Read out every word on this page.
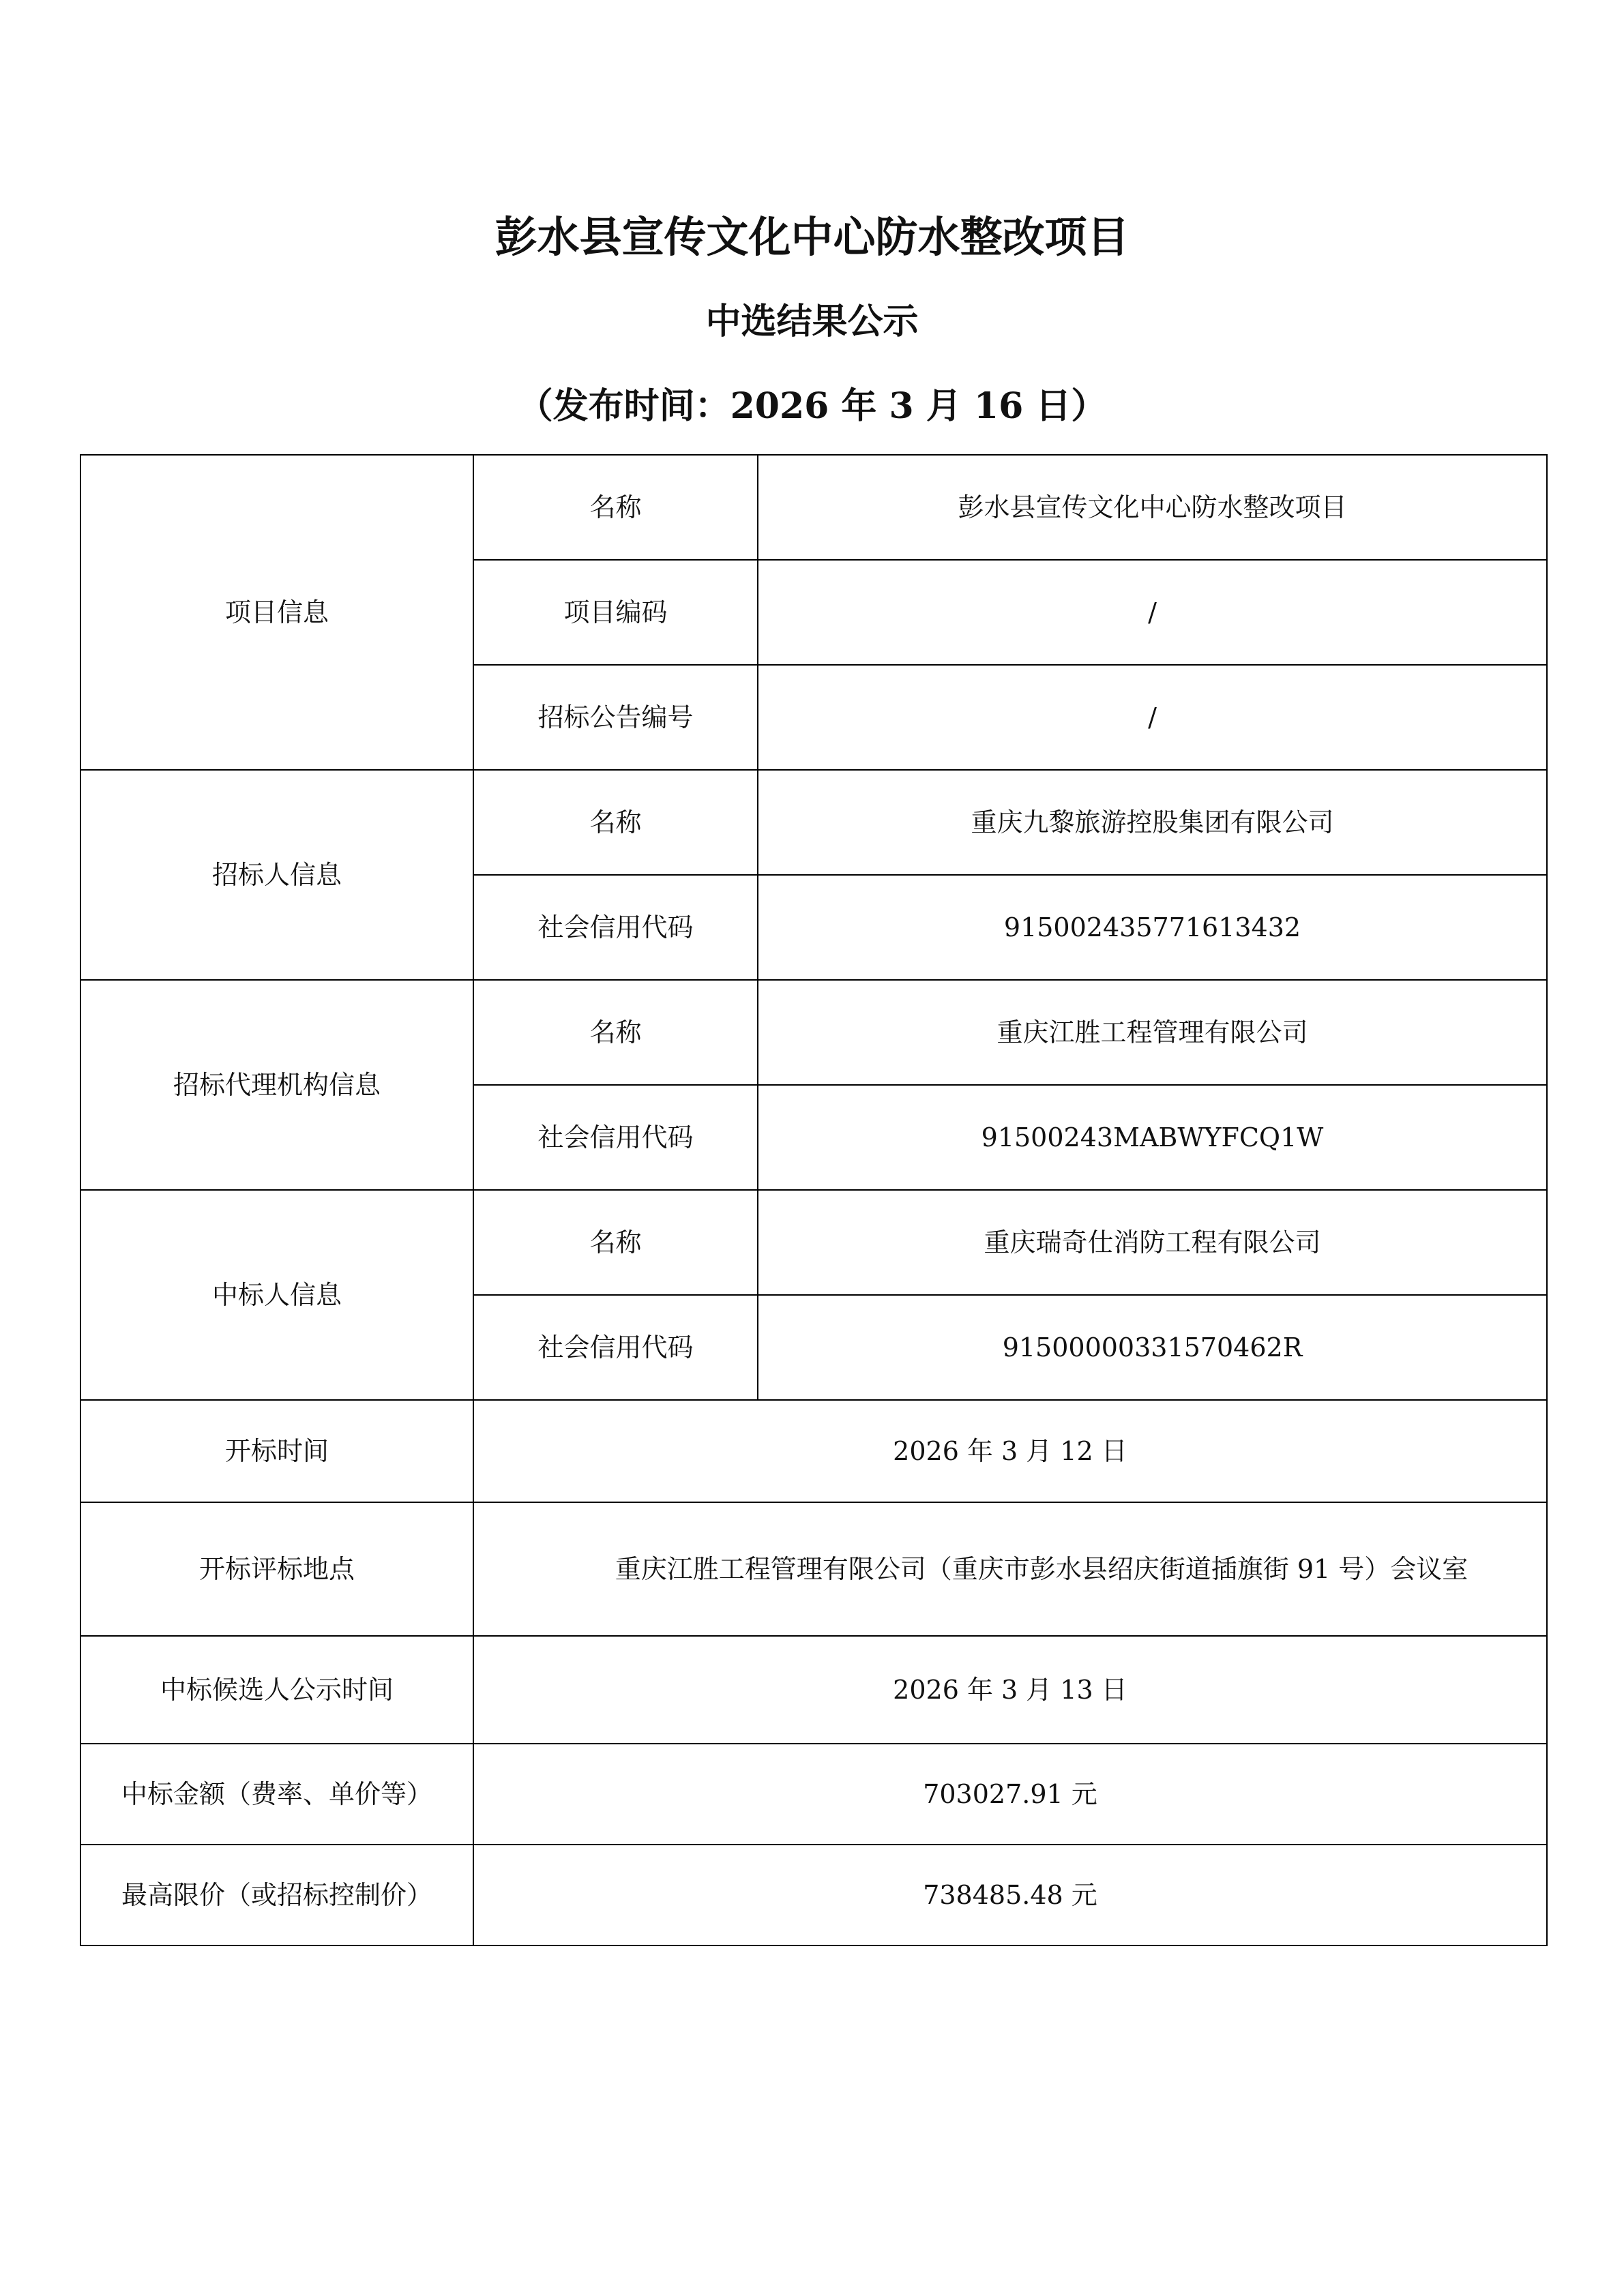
彭水县宣传文化中心防水整改项目
中选结果公示
（发布时间：2026 年 3 月 16 日）
项目信息	名称	彭水县宣传文化中心防水整改项目
	项目编码	/
	招标公告编号	/
招标人信息	名称	重庆九黎旅游控股集团有限公司
	社会信用代码	915002435771613432
招标代理机构信息	名称	重庆江胜工程管理有限公司
	社会信用代码	91500243MABWYFCQ1W
中标人信息	名称	重庆瑞奇仕消防工程有限公司
	社会信用代码	91500000331570462R
开标时间	2026 年 3 月 12 日	
开标评标地点	重庆江胜工程管理有限公司（重庆市彭水县绍庆街道插旗街 91 号）会议室	

中标候选人公示时间	2026 年 3 月 13 日	
中标金额（费率、单价等）	703027.91 元	
最高限价（或招标控制价）	738485.48 元	
